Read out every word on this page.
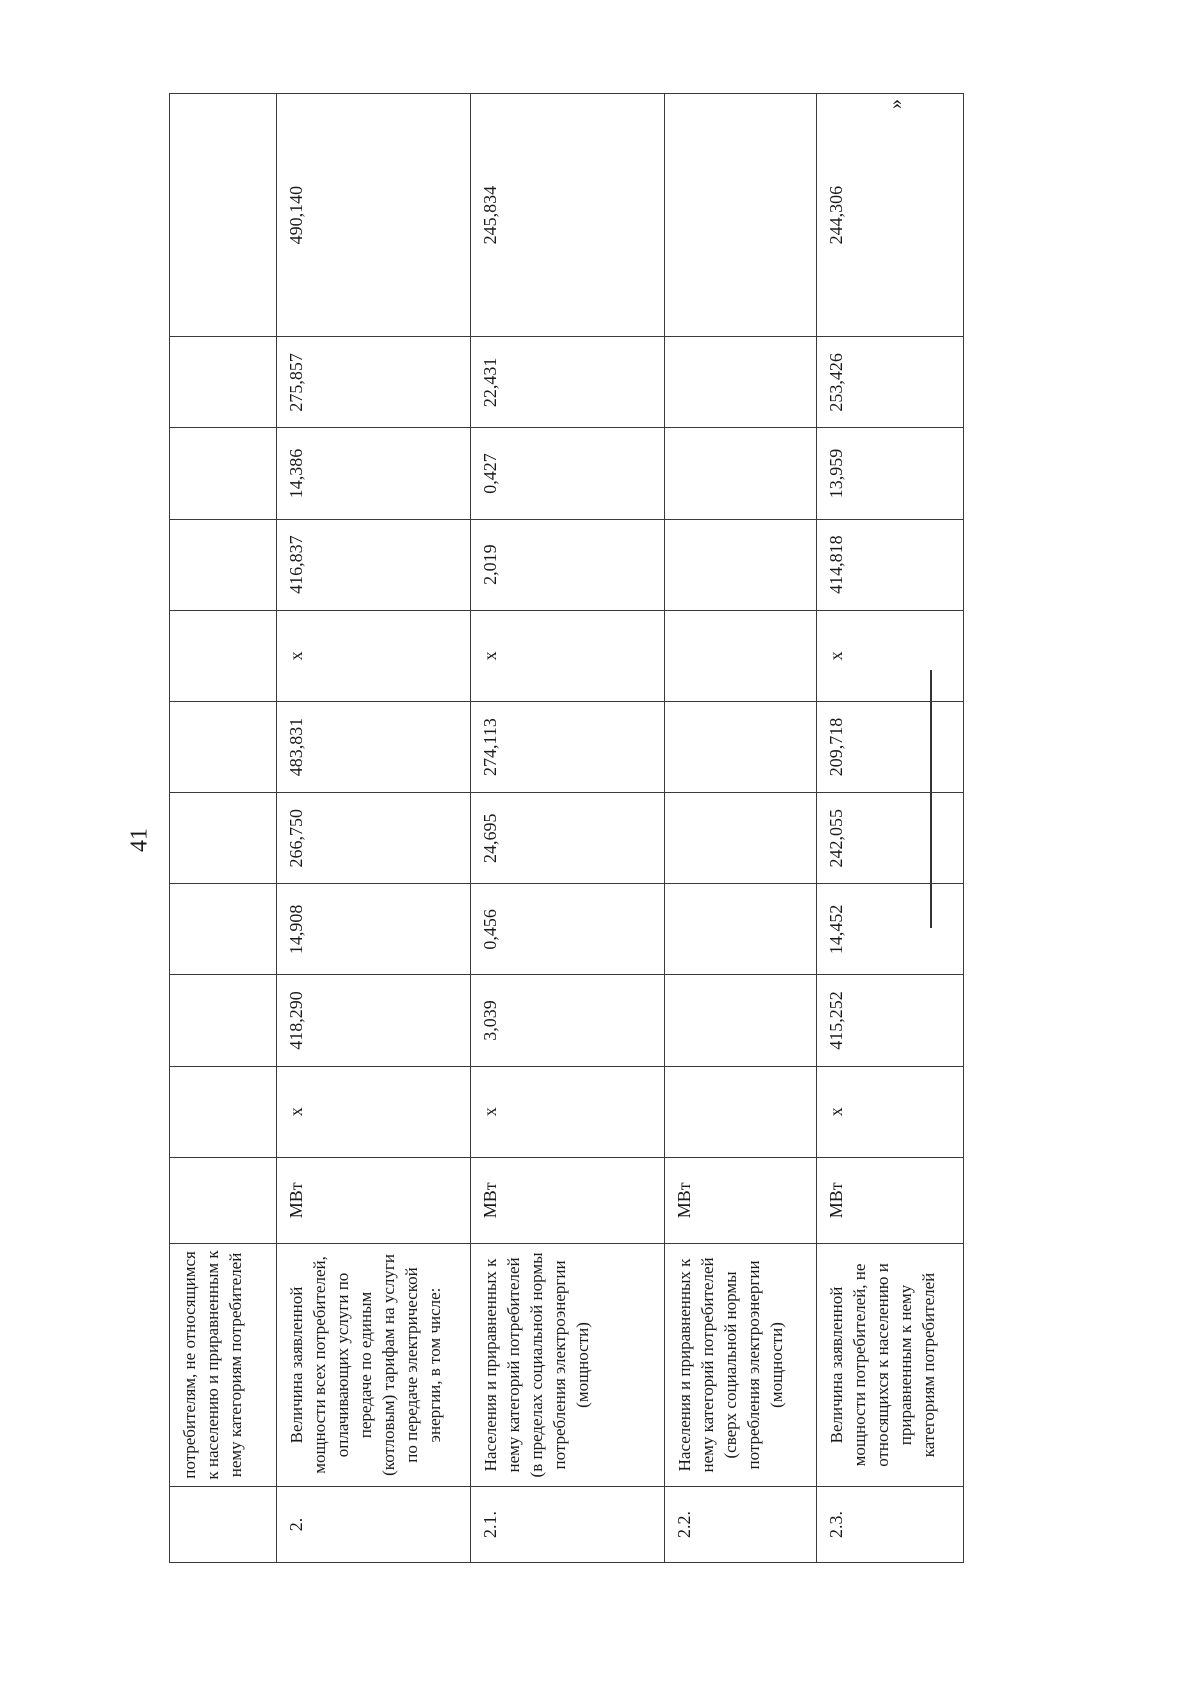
41
»
	потребителям, не относящимся к населению и приравненным к нему категориям потребителей											
2.	Величина заявленной мощности всех потребителей, оплачивающих услуги по передаче по единым (котловым) тарифам на услуги по передаче электрической энергии, в том числе:	МВт	x	418,290	14,908	266,750	483,831	x	416,837	14,386	275,857	490,140
2.1.	Населения и приравненных к нему категорий потребителей (в пределах социальной нормы потребления электроэнергии (мощности)	МВт	x	3,039	0,456	24,695	274,113	x	2,019	0,427	22,431	245,834
2.2.	Населения и приравненных к нему категорий потребителей (сверх социальной нормы потребления электроэнергии (мощности)	МВт										
2.3.	Величина заявленной мощности потребителей, не относящихся к населению и приравненным к нему категориям потребителей	МВт	x	415,252	14,452	242,055	209,718	x	414,818	13,959	253,426	244,306
